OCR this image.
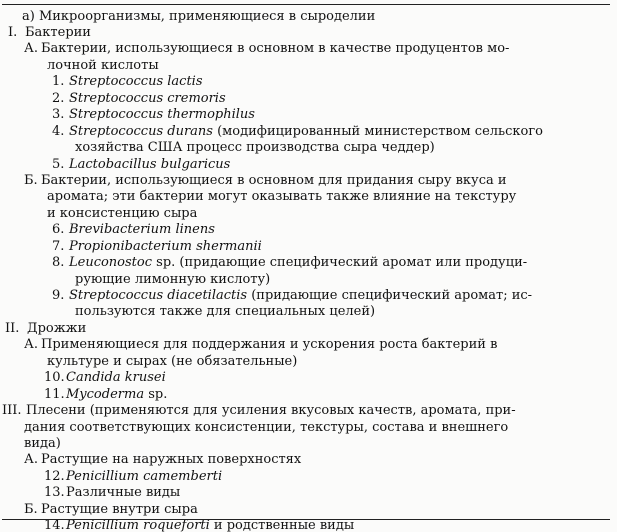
а) Микроорганизмы, применяющиеся в сыроделии
I. Бактерии
А. Бактерии, использующиеся в основном в качестве продуцентов мо-
лочной кислоты
1. Streptococcus lactis
2. Streptococcus cremoris
3. Streptococcus thermophilus
4. Streptococcus durans (модифицированный министерством сельского
хозяйства США процесс производства сыра чеддер)
5. Lactobacillus bulgaricus
Б. Бактерии, использующиеся в основном для придания сыру вкуса и
аромата; эти бактерии могут оказывать также влияние на текстуру
и консистенцию сыра
6. Brevibacterium linens
7. Propionibacterium shermanii
8. Leuconostoc sp. (придающие специфический аромат или продуци-
рующие лимонную кислоту)
9. Streptococcus diacetilactis (придающие специфический аромат; ис-
пользуются также для специальных целей)
II. Дрожжи
А. Применяющиеся для поддержания и ускорения роста бактерий в
культуре и сырах (не обязательные)
10. Candida krusei
11. Mycoderma sp.
III. Плесени (применяются для усиления вкусовых качеств, аромата, при-
дания соответствующих консистенции, текстуры, состава и внешнего
вида)
А. Растущие на наружных поверхностях
12. Penicillium camemberti
13. Различные виды
Б. Растущие внутри сыра
14. Penicillium roqueforti и родственные виды
